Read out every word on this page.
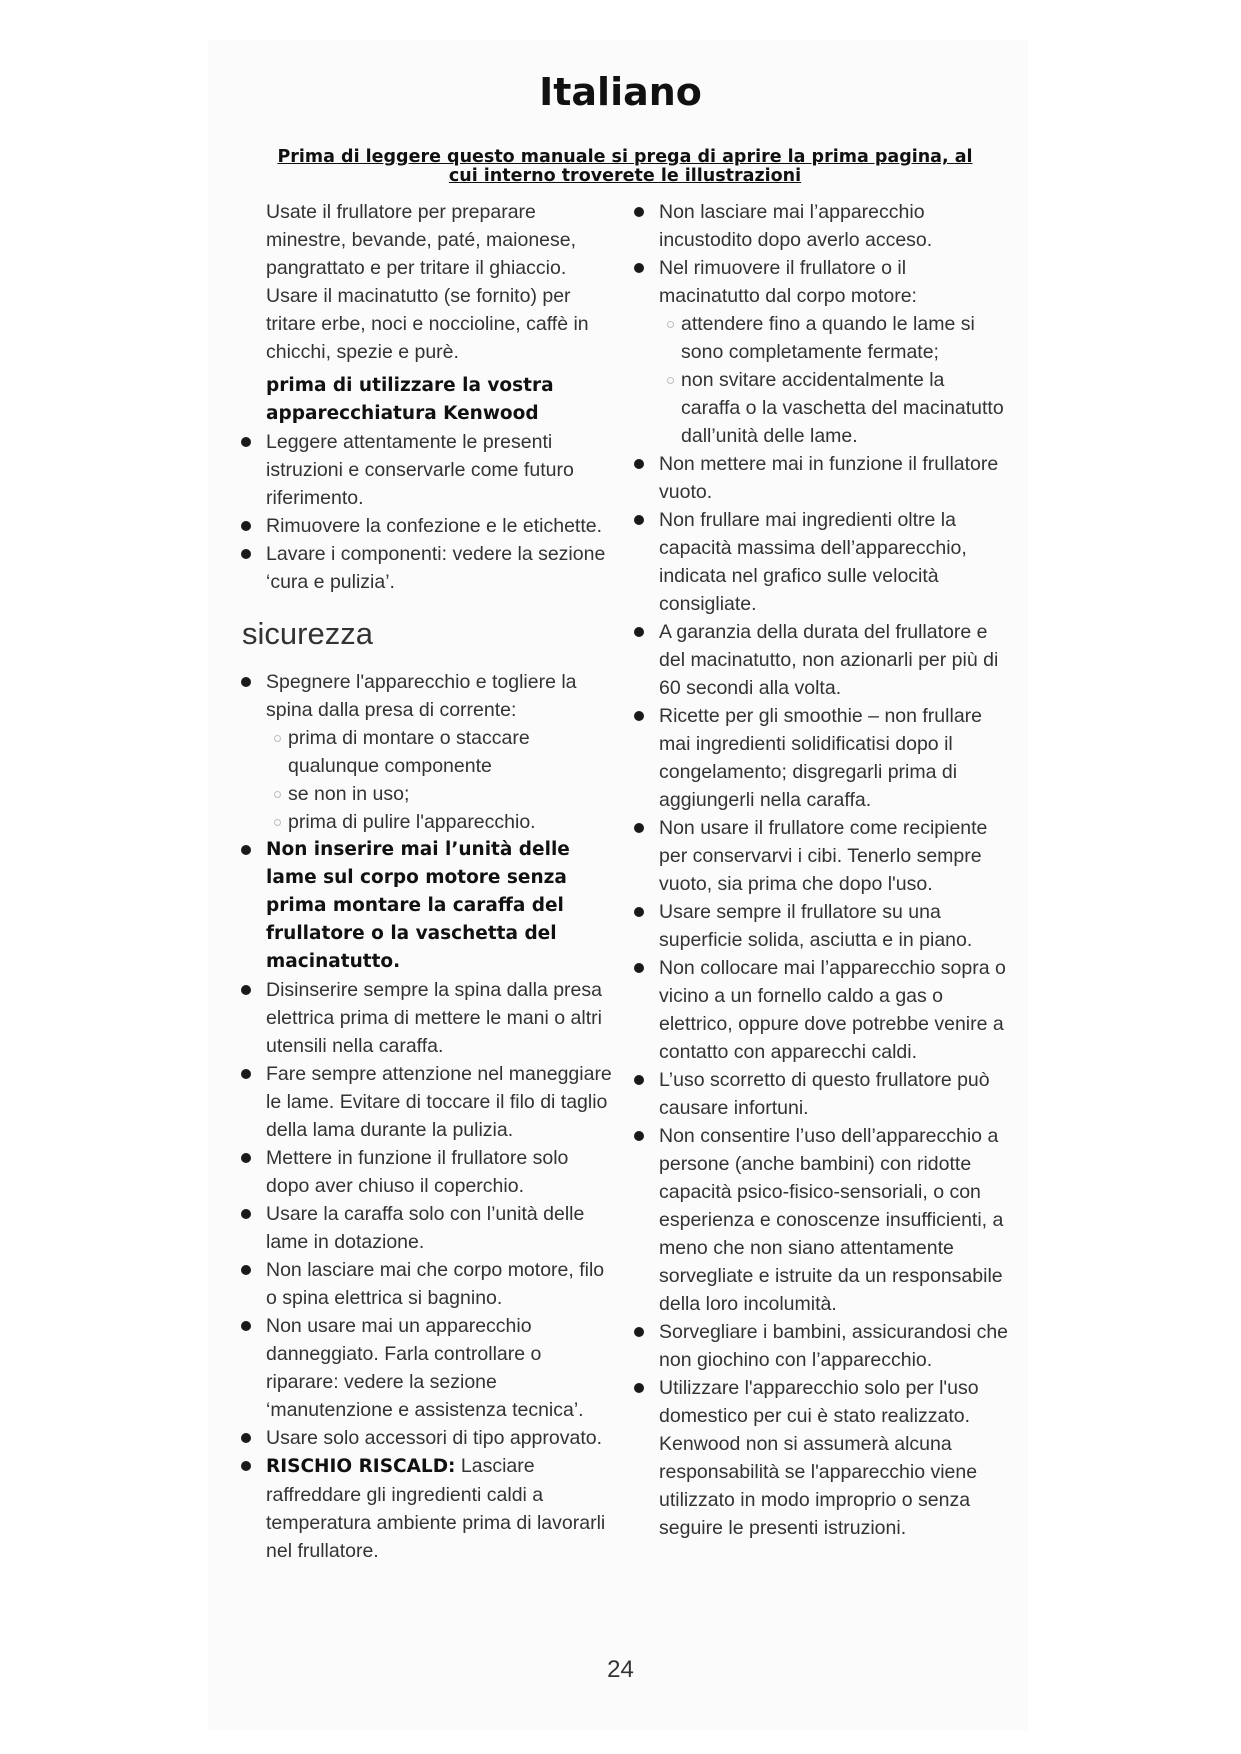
Italiano

Prima di leggere questo manuale si prega di aprire la prima pagina, al
cui interno troverete le illustrazioni

Usate il frullatore per preparare minestre, bevande, paté, maionese, pangrattato e per tritare il ghiaccio. Usare il macinatutto (se fornito) per tritare erbe, noci e noccioline, caffè in chicchi, spezie e purè.

prima di utilizzare la vostra apparecchiatura Kenwood

Leggere attentamente le presenti istruzioni e conservarle come futuro riferimento.
Rimuovere la confezione e le etichette.
Lavare i componenti: vedere la sezione ‘cura e pulizia’.

sicurezza

Spegnere l'apparecchio e togliere la spina dalla presa di corrente:
prima di montare o staccare qualunque componente
se non in uso;
prima di pulire l'apparecchio.
Non inserire mai l’unità delle lame sul corpo motore senza prima montare la caraffa del frullatore o la vaschetta del macinatutto.
Disinserire sempre la spina dalla presa elettrica prima di mettere le mani o altri utensili nella caraffa.
Fare sempre attenzione nel maneggiare le lame. Evitare di toccare il filo di taglio della lama durante la pulizia.
Mettere in funzione il frullatore solo dopo aver chiuso il coperchio.
Usare la caraffa solo con l’unità delle lame in dotazione.
Non lasciare mai che corpo motore, filo o spina elettrica si bagnino.
Non usare mai un apparecchio danneggiato. Farla controllare o riparare: vedere la sezione ‘manutenzione e assistenza tecnica’.
Usare solo accessori di tipo approvato.
RISCHIO RISCALD: Lasciare raffreddare gli ingredienti caldi a temperatura ambiente prima di lavorarli nel frullatore.
Non lasciare mai l’apparecchio incustodito dopo averlo acceso.
Nel rimuovere il frullatore o il macinatutto dal corpo motore:
attendere fino a quando le lame si sono completamente fermate;
non svitare accidentalmente la caraffa o la vaschetta del macinatutto dall’unità delle lame.
Non mettere mai in funzione il frullatore vuoto.
Non frullare mai ingredienti oltre la capacità massima dell’apparecchio, indicata nel grafico sulle velocità consigliate.
A garanzia della durata del frullatore e del macinatutto, non azionarli per più di 60 secondi alla volta.
Ricette per gli smoothie – non frullare mai ingredienti solidificatisi dopo il congelamento; disgregarli prima di aggiungerli nella caraffa.
Non usare il frullatore come recipiente per conservarvi i cibi. Tenerlo sempre vuoto, sia prima che dopo l'uso.
Usare sempre il frullatore su una superficie solida, asciutta e in piano.
Non collocare mai l’apparecchio sopra o vicino a un fornello caldo a gas o elettrico, oppure dove potrebbe venire a contatto con apparecchi caldi.
L’uso scorretto di questo frullatore può causare infortuni.
Non consentire l’uso dell’apparecchio a persone (anche bambini) con ridotte capacità psico-fisico-sensoriali, o con esperienza e conoscenze insufficienti, a meno che non siano attentamente sorvegliate e istruite da un responsabile della loro incolumità.
Sorvegliare i bambini, assicurandosi che non giochino con l’apparecchio.
Utilizzare l'apparecchio solo per l'uso domestico per cui è stato realizzato. Kenwood non si assumerà alcuna responsabilità se l'apparecchio viene utilizzato in modo improprio o senza seguire le presenti istruzioni.
24
